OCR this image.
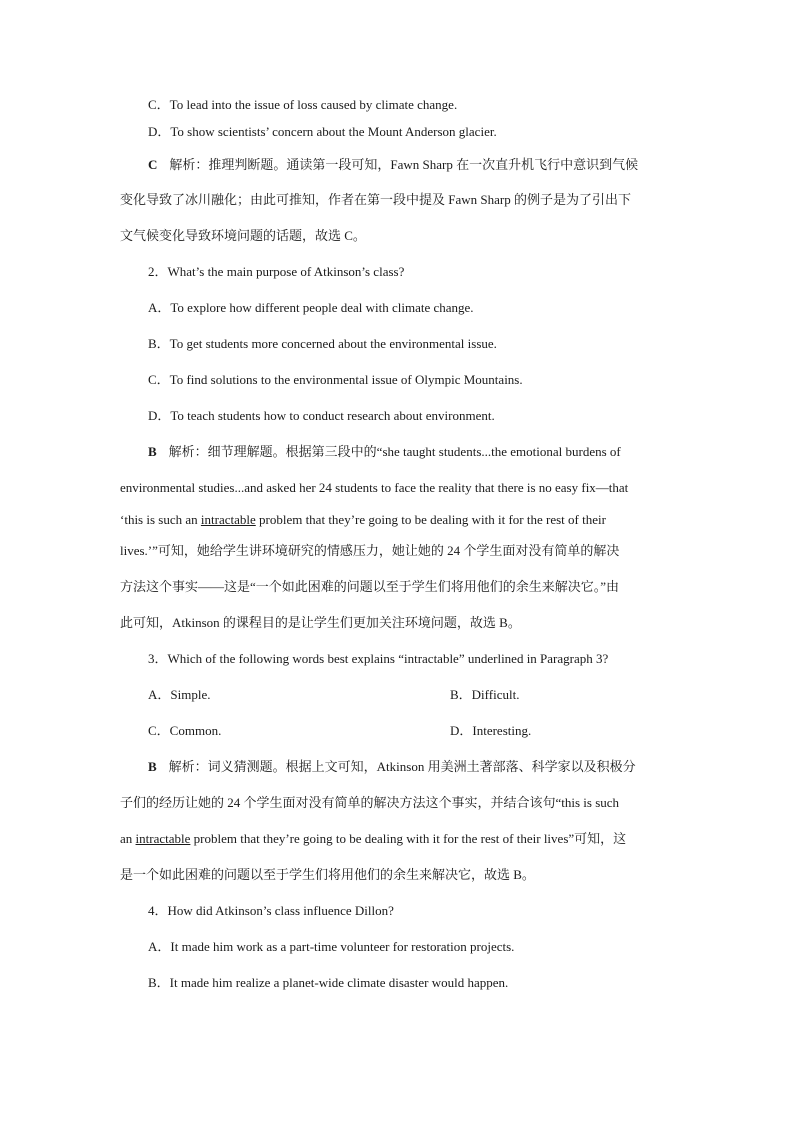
C．To lead into the issue of loss caused by climate change.
D．To show scientists’ concern about the Mount Anderson glacier.
C 解析：推理判断题。通读第一段可知，Fawn Sharp 在一次直升机飞行中意识到气候
变化导致了冰川融化；由此可推知，作者在第一段中提及 Fawn Sharp 的例子是为了引出下
文气候变化导致环境问题的话题，故选 C。
2．What’s the main purpose of Atkinson’s class?
A．To explore how different people deal with climate change.
B．To get students more concerned about the environmental issue.
C．To find solutions to the environmental issue of Olympic Mountains.
D．To teach students how to conduct research about environment.
B 解析：细节理解题。根据第三段中的“she taught students...the emotional burdens of
environmental studies...and asked her 24 students to face the reality that there is no easy fix—that
‘this is such an intractable problem that they’re going to be dealing with it for the rest of their
lives.’”可知，她给学生讲环境研究的情感压力，她让她的 24 个学生面对没有简单的解决
方法这个事实——这是“一个如此困难的问题以至于学生们将用他们的余生来解决它。”由
此可知，Atkinson 的课程目的是让学生们更加关注环境问题，故选 B。
3．Which of the following words best explains “intractable” underlined in Paragraph 3?
A．Simple.	B．Difficult.
C．Common.	D．Interesting.
B 解析：词义猜测题。根据上文可知，Atkinson 用美洲土著部落、科学家以及积极分
子们的经历让她的 24 个学生面对没有简单的解决方法这个事实，并结合该句“this is such
an intractable problem that they’re going to be dealing with it for the rest of their lives”可知，这
是一个如此困难的问题以至于学生们将用他们的余生来解决它，故选 B。
4．How did Atkinson’s class influence Dillon?
A．It made him work as a part-time volunteer for restoration projects.
B．It made him realize a planet-wide climate disaster would happen.
